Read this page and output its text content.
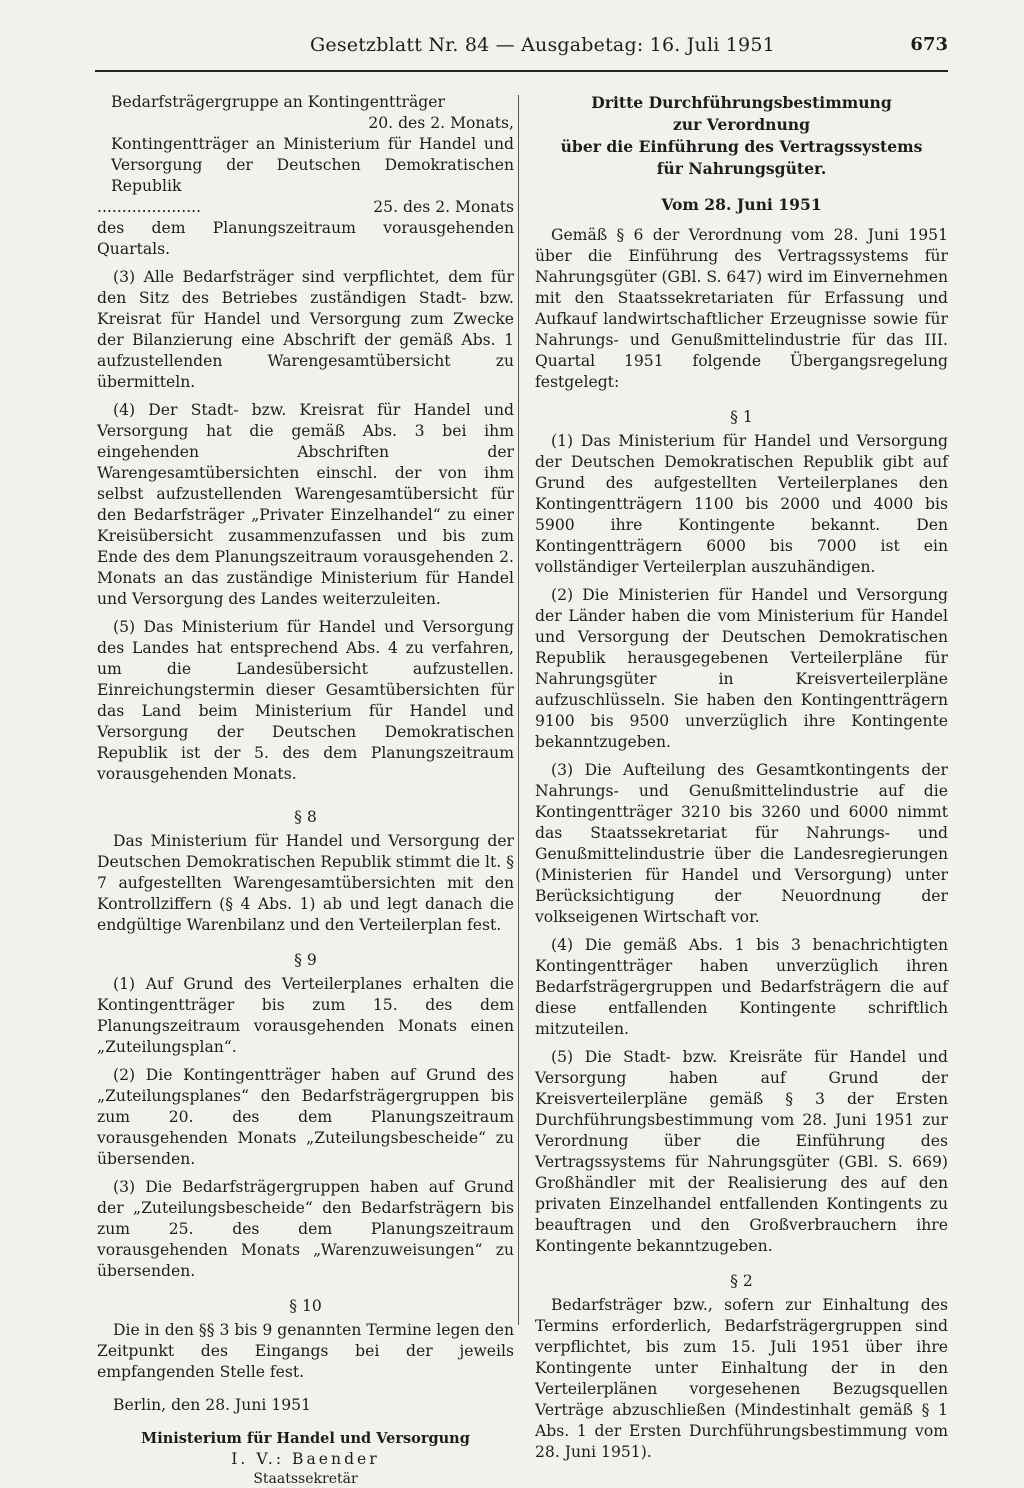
Gesetzblatt Nr. 84 — Ausgabetag: 16. Juli 1951	673

Bedarfsträgergruppe an Kontingentträger

20. des 2. Monats,

Kontingentträger an Ministerium für Handel und Versorgung der Deutschen Demokratischen Republik

.....................	25. des 2. Monats

des dem Planungszeitraum vorausgehenden Quartals.

(3) Alle Bedarfsträger sind verpflichtet, dem für den Sitz des Betriebes zuständigen Stadt- bzw. Kreisrat für Handel und Versorgung zum Zwecke der Bilanzierung eine Abschrift der gemäß Abs. 1 aufzustellenden Warengesamtübersicht zu übermitteln.

(4) Der Stadt- bzw. Kreisrat für Handel und Versorgung hat die gemäß Abs. 3 bei ihm eingehenden Abschriften der Warengesamtübersichten einschl. der von ihm selbst aufzustellenden Warengesamtübersicht für den Bedarfsträger „Privater Einzelhandel“ zu einer Kreisübersicht zusammenzufassen und bis zum Ende des dem Planungszeitraum vorausgehenden 2. Monats an das zuständige Ministerium für Handel und Versorgung des Landes weiterzuleiten.

(5) Das Ministerium für Handel und Versorgung des Landes hat entsprechend Abs. 4 zu verfahren, um die Landesübersicht aufzustellen. Einreichungstermin dieser Gesamtübersichten für das Land beim Ministerium für Handel und Versorgung der Deutschen Demokratischen Republik ist der 5. des dem Planungszeitraum vorausgehenden Monats.

§ 8

Das Ministerium für Handel und Versorgung der Deutschen Demokratischen Republik stimmt die lt. § 7 aufgestellten Warengesamtübersichten mit den Kontrollziffern (§ 4 Abs. 1) ab und legt danach die endgültige Warenbilanz und den Verteilerplan fest.

§ 9

(1) Auf Grund des Verteilerplanes erhalten die Kontingentträger bis zum 15. des dem Planungszeitraum vorausgehenden Monats einen „Zuteilungsplan“.

(2) Die Kontingentträger haben auf Grund des „Zuteilungsplanes“ den Bedarfsträgergruppen bis zum 20. des dem Planungszeitraum vorausgehenden Monats „Zuteilungsbescheide“ zu übersenden.

(3) Die Bedarfsträgergruppen haben auf Grund der „Zuteilungsbescheide“ den Bedarfsträgern bis zum 25. des dem Planungszeitraum vorausgehenden Monats „Warenzuweisungen“ zu übersenden.

§ 10

Die in den §§ 3 bis 9 genannten Termine legen den Zeitpunkt des Eingangs bei der jeweils empfangenden Stelle fest.

Berlin, den 28. Juni 1951

Ministerium für Handel und Versorgung

I. V.: Baender

Staatssekretär

Dritte Durchführungsbestimmung

zur Verordnung

über die Einführung des Vertragssystems

für Nahrungsgüter.

Vom 28. Juni 1951

Gemäß § 6 der Verordnung vom 28. Juni 1951 über die Einführung des Vertragssystems für Nahrungsgüter (GBl. S. 647) wird im Einvernehmen mit den Staatssekretariaten für Erfassung und Aufkauf landwirtschaftlicher Erzeugnisse sowie für Nahrungs- und Genußmittelindustrie für das III. Quartal 1951 folgende Übergangsregelung festgelegt:

§ 1

(1) Das Ministerium für Handel und Versorgung der Deutschen Demokratischen Republik gibt auf Grund des aufgestellten Verteilerplanes den Kontingentträgern 1100 bis 2000 und 4000 bis 5900 ihre Kontingente bekannt. Den Kontingentträgern 6000 bis 7000 ist ein vollständiger Verteilerplan auszuhändigen.

(2) Die Ministerien für Handel und Versorgung der Länder haben die vom Ministerium für Handel und Versorgung der Deutschen Demokratischen Republik herausgegebenen Verteilerpläne für Nahrungsgüter in Kreisverteilerpläne aufzuschlüsseln. Sie haben den Kontingentträgern 9100 bis 9500 unverzüglich ihre Kontingente bekanntzugeben.

(3) Die Aufteilung des Gesamtkontingents der Nahrungs- und Genußmittelindustrie auf die Kontingentträger 3210 bis 3260 und 6000 nimmt das Staatssekretariat für Nahrungs- und Genußmittelindustrie über die Landesregierungen (Ministerien für Handel und Versorgung) unter Berücksichtigung der Neuordnung der volkseigenen Wirtschaft vor.

(4) Die gemäß Abs. 1 bis 3 benachrichtigten Kontingentträger haben unverzüglich ihren Bedarfsträgergruppen und Bedarfsträgern die auf diese entfallenden Kontingente schriftlich mitzuteilen.

(5) Die Stadt- bzw. Kreisräte für Handel und Versorgung haben auf Grund der Kreisverteilerpläne gemäß § 3 der Ersten Durchführungsbestimmung vom 28. Juni 1951 zur Verordnung über die Einführung des Vertragssystems für Nahrungsgüter (GBl. S. 669) Großhändler mit der Realisierung des auf den privaten Einzelhandel entfallenden Kontingents zu beauftragen und den Großverbrauchern ihre Kontingente bekanntzugeben.

§ 2

Bedarfsträger bzw., sofern zur Einhaltung des Termins erforderlich, Bedarfsträgergruppen sind verpflichtet, bis zum 15. Juli 1951 über ihre Kontingente unter Einhaltung der in den Verteilerplänen vorgesehenen Bezugsquellen Verträge abzuschließen (Mindestinhalt gemäß § 1 Abs. 1 der Ersten Durchführungsbestimmung vom 28. Juni 1951).
